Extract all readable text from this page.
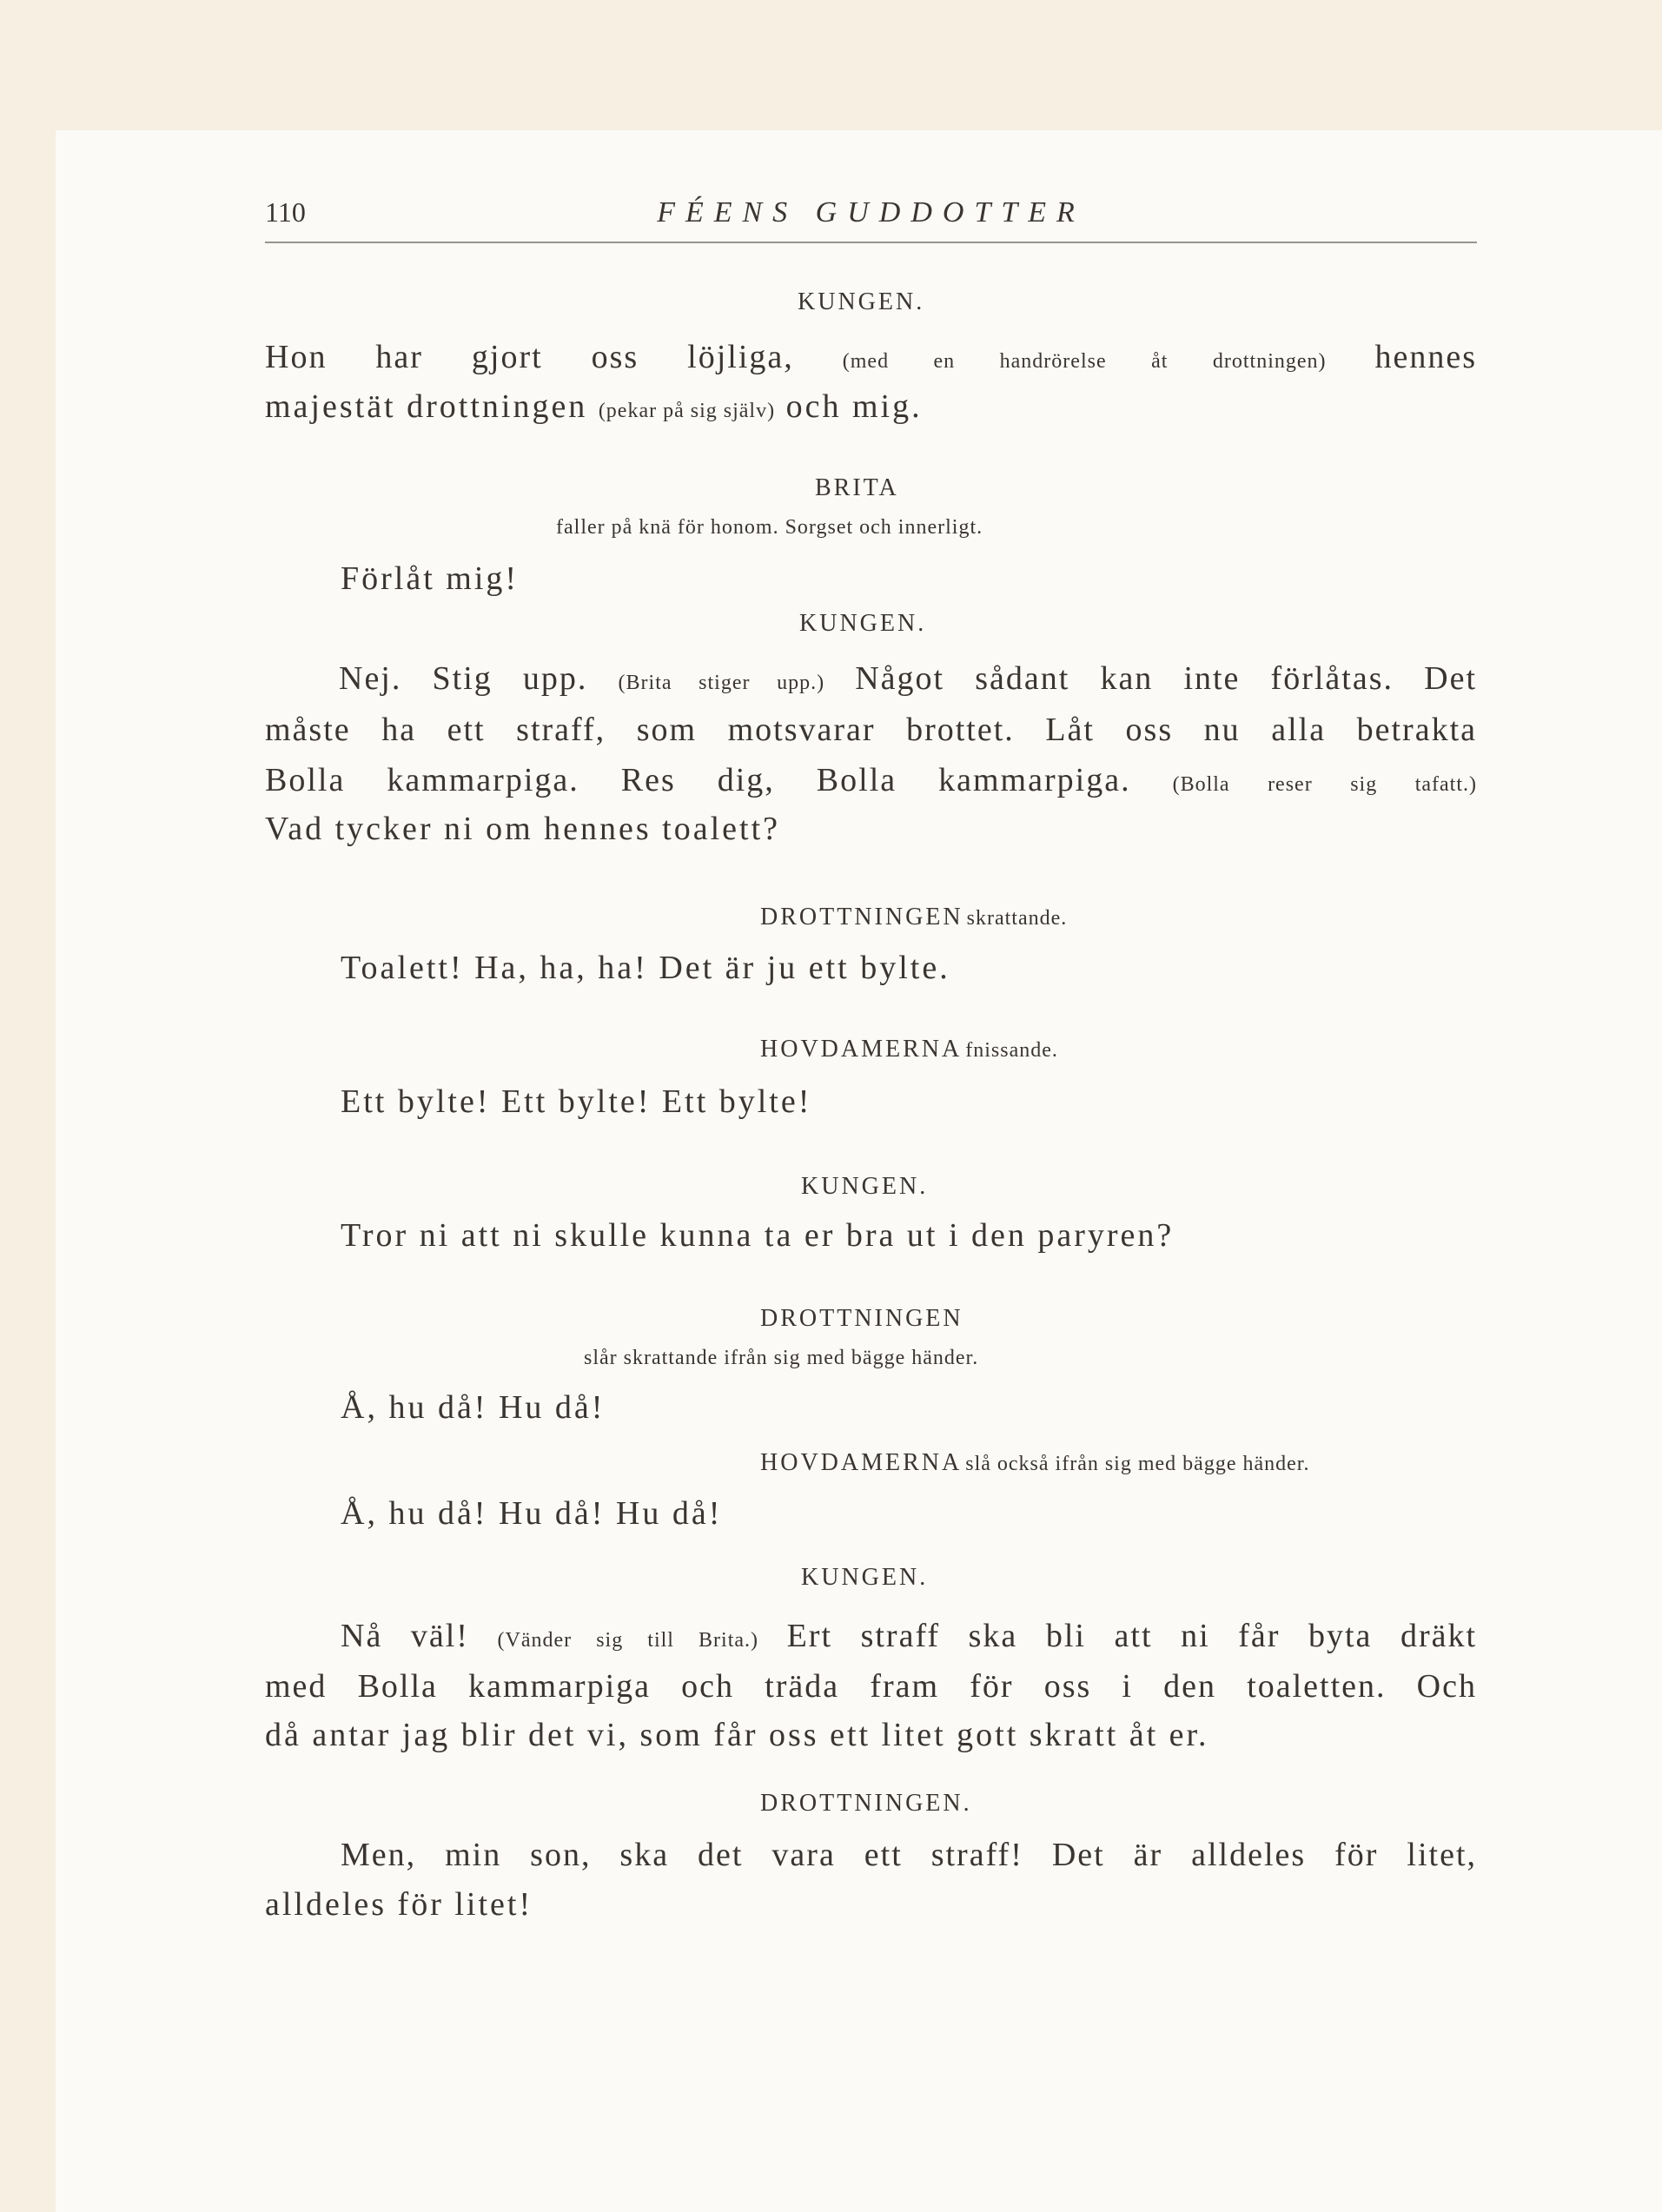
110	FÉENS GUDDOTTER
KUNGEN.
Hon har gjort oss löjliga, (med en handrörelse åt drottningen) hennes
majestät drottningen (pekar på sig själv) och mig.
BRITA
faller på knä för honom. Sorgset och innerligt.
Förlåt mig!
KUNGEN.
Nej. Stig upp. (Brita stiger upp.) Något sådant kan inte förlåtas. Det
måste ha ett straff, som motsvarar brottet. Låt oss nu alla betrakta
Bolla kammarpiga. Res dig, Bolla kammarpiga. (Bolla reser sig tafatt.)
Vad tycker ni om hennes toalett?
DROTTNINGEN skrattande.
Toalett! Ha, ha, ha! Det är ju ett bylte.
HOVDAMERNA fnissande.
Ett bylte! Ett bylte! Ett bylte!
KUNGEN.
Tror ni att ni skulle kunna ta er bra ut i den paryren?
DROTTNINGEN
slår skrattande ifrån sig med bägge händer.
Å, hu då! Hu då!
HOVDAMERNA slå också ifrån sig med bägge händer.
Å, hu då! Hu då! Hu då!
KUNGEN.
Nå väl! (Vänder sig till Brita.) Ert straff ska bli att ni får byta dräkt
med Bolla kammarpiga och träda fram för oss i den toaletten. Och
då antar jag blir det vi, som får oss ett litet gott skratt åt er.
DROTTNINGEN.
Men, min son, ska det vara ett straff! Det är alldeles för litet,
alldeles för litet!
